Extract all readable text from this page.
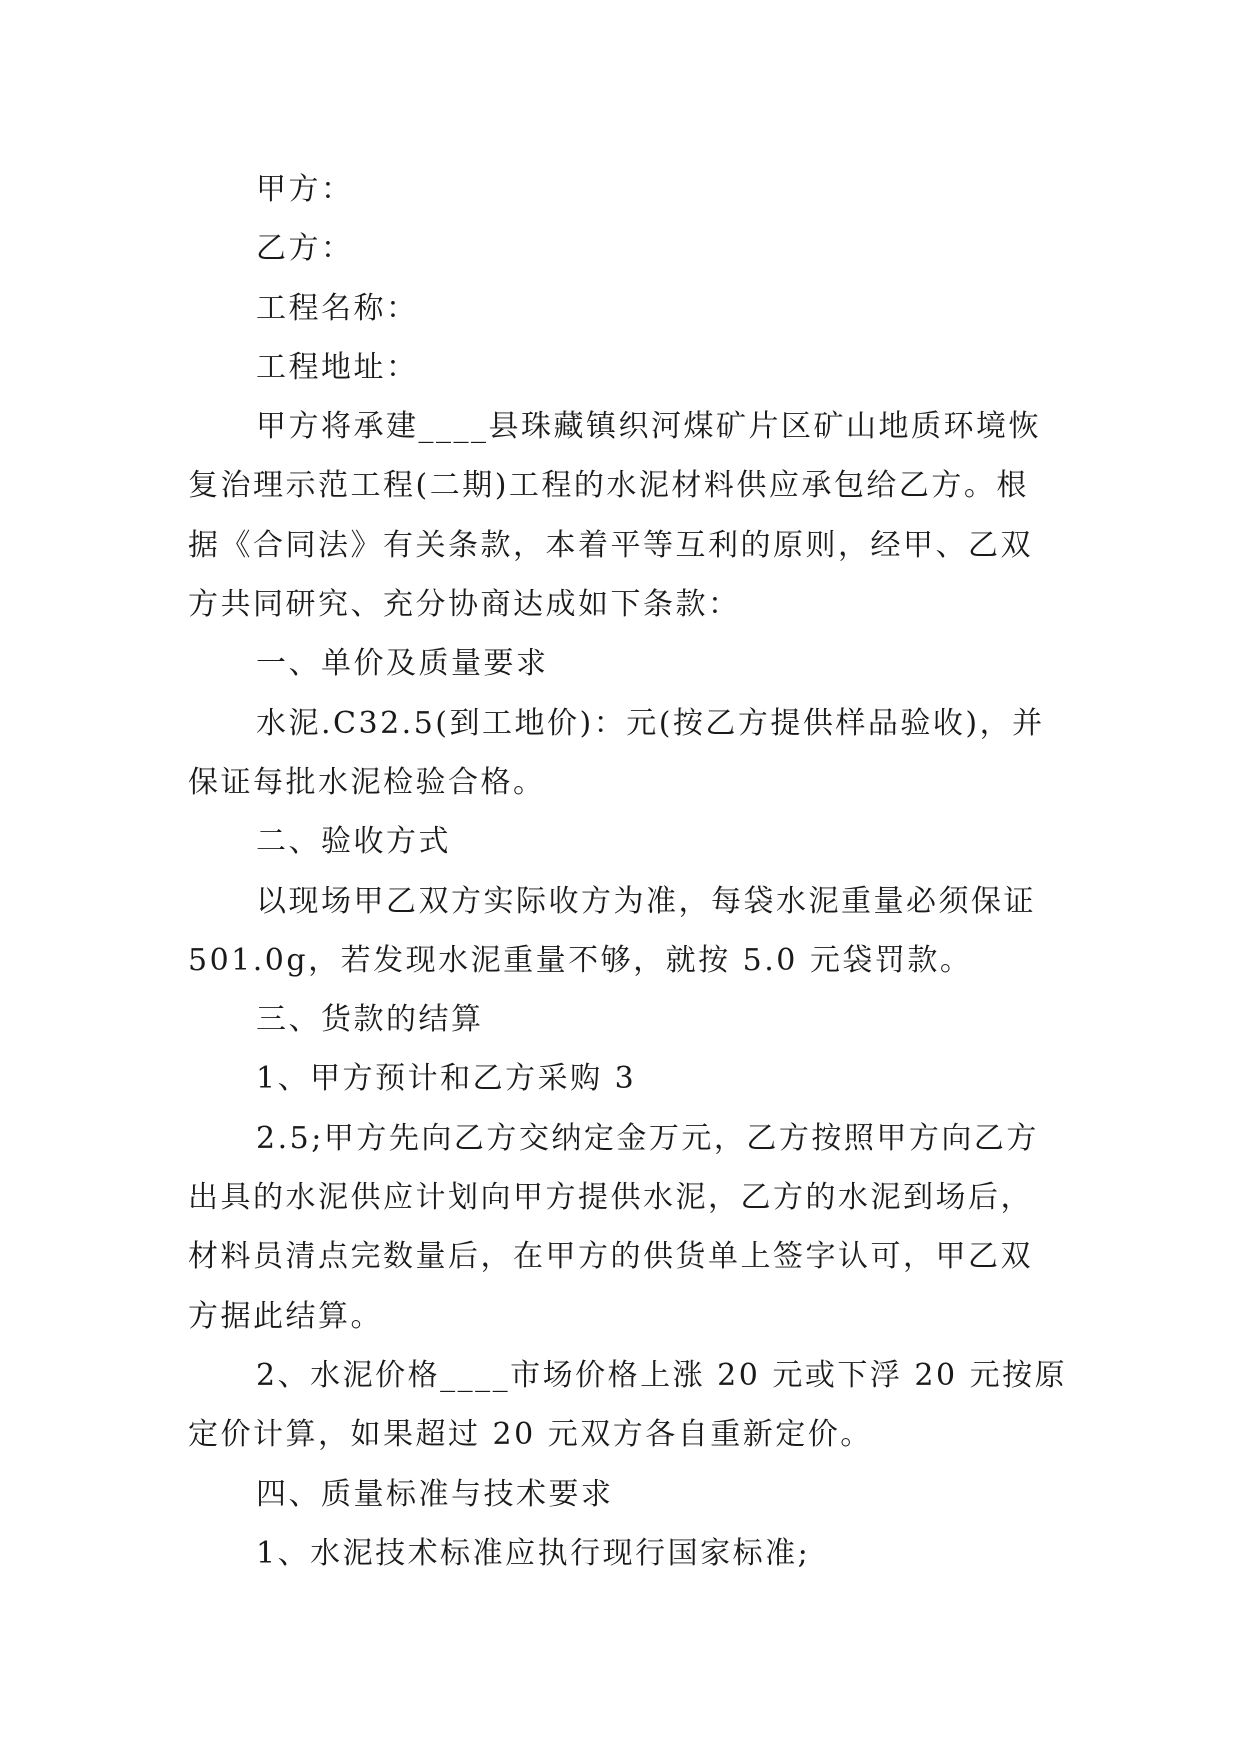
甲方：
乙方：
工程名称：
工程地址：
甲方将承建____县珠藏镇织河煤矿片区矿山地质环境恢
复治理示范工程(二期)工程的水泥材料供应承包给乙方。根
据《合同法》有关条款，本着平等互利的原则，经甲、乙双
方共同研究、充分协商达成如下条款：
一、单价及质量要求
水泥.C32.5(到工地价)：元(按乙方提供样品验收)，并
保证每批水泥检验合格。
二、验收方式
以现场甲乙双方实际收方为准，每袋水泥重量必须保证
501.0g，若发现水泥重量不够，就按 5.0 元袋罚款。
三、货款的结算
1、甲方预计和乙方采购 3
2.5;甲方先向乙方交纳定金万元，乙方按照甲方向乙方
出具的水泥供应计划向甲方提供水泥，乙方的水泥到场后，
材料员清点完数量后，在甲方的供货单上签字认可，甲乙双
方据此结算。
2、水泥价格____市场价格上涨 20 元或下浮 20 元按原
定价计算，如果超过 20 元双方各自重新定价。
四、质量标准与技术要求
1、水泥技术标准应执行现行国家标准;
